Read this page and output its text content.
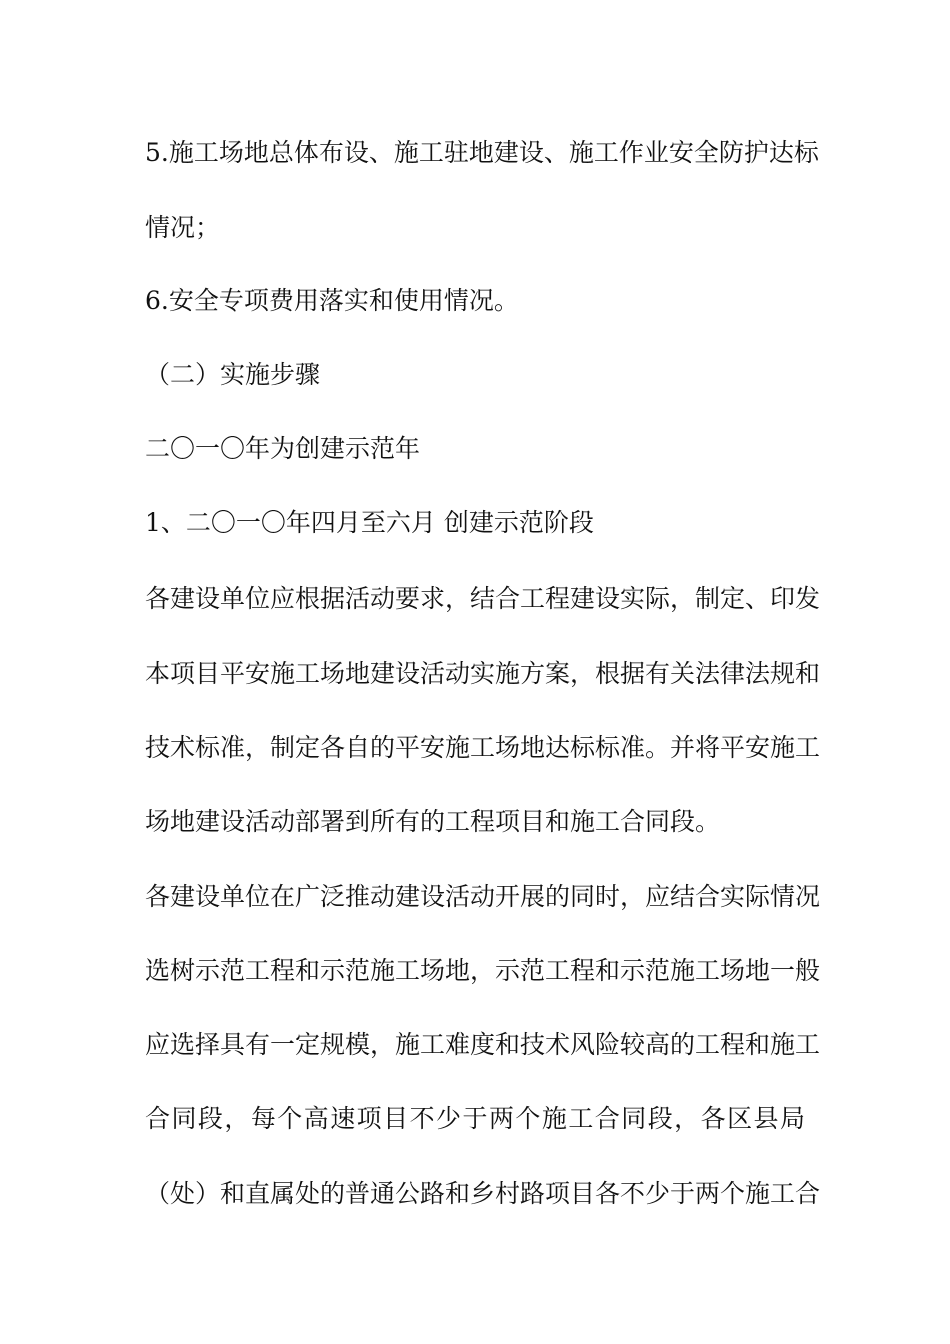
5.施工场地总体布设、施工驻地建设、施工作业安全防护达标
情况；
6.安全专项费用落实和使用情况。
（二）实施步骤
二〇一〇年为创建示范年
1、二〇一〇年四月至六月 创建示范阶段
各建设单位应根据活动要求，结合工程建设实际，制定、印发
本项目平安施工场地建设活动实施方案，根据有关法律法规和
技术标准，制定各自的平安施工场地达标标准。并将平安施工
场地建设活动部署到所有的工程项目和施工合同段。
各建设单位在广泛推动建设活动开展的同时，应结合实际情况
选树示范工程和示范施工场地，示范工程和示范施工场地一般
应选择具有一定规模，施工难度和技术风险较高的工程和施工
合同段，每个高速项目不少于两个施工合同段，各区县局
（处）和直属处的普通公路和乡村路项目各不少于两个施工合
